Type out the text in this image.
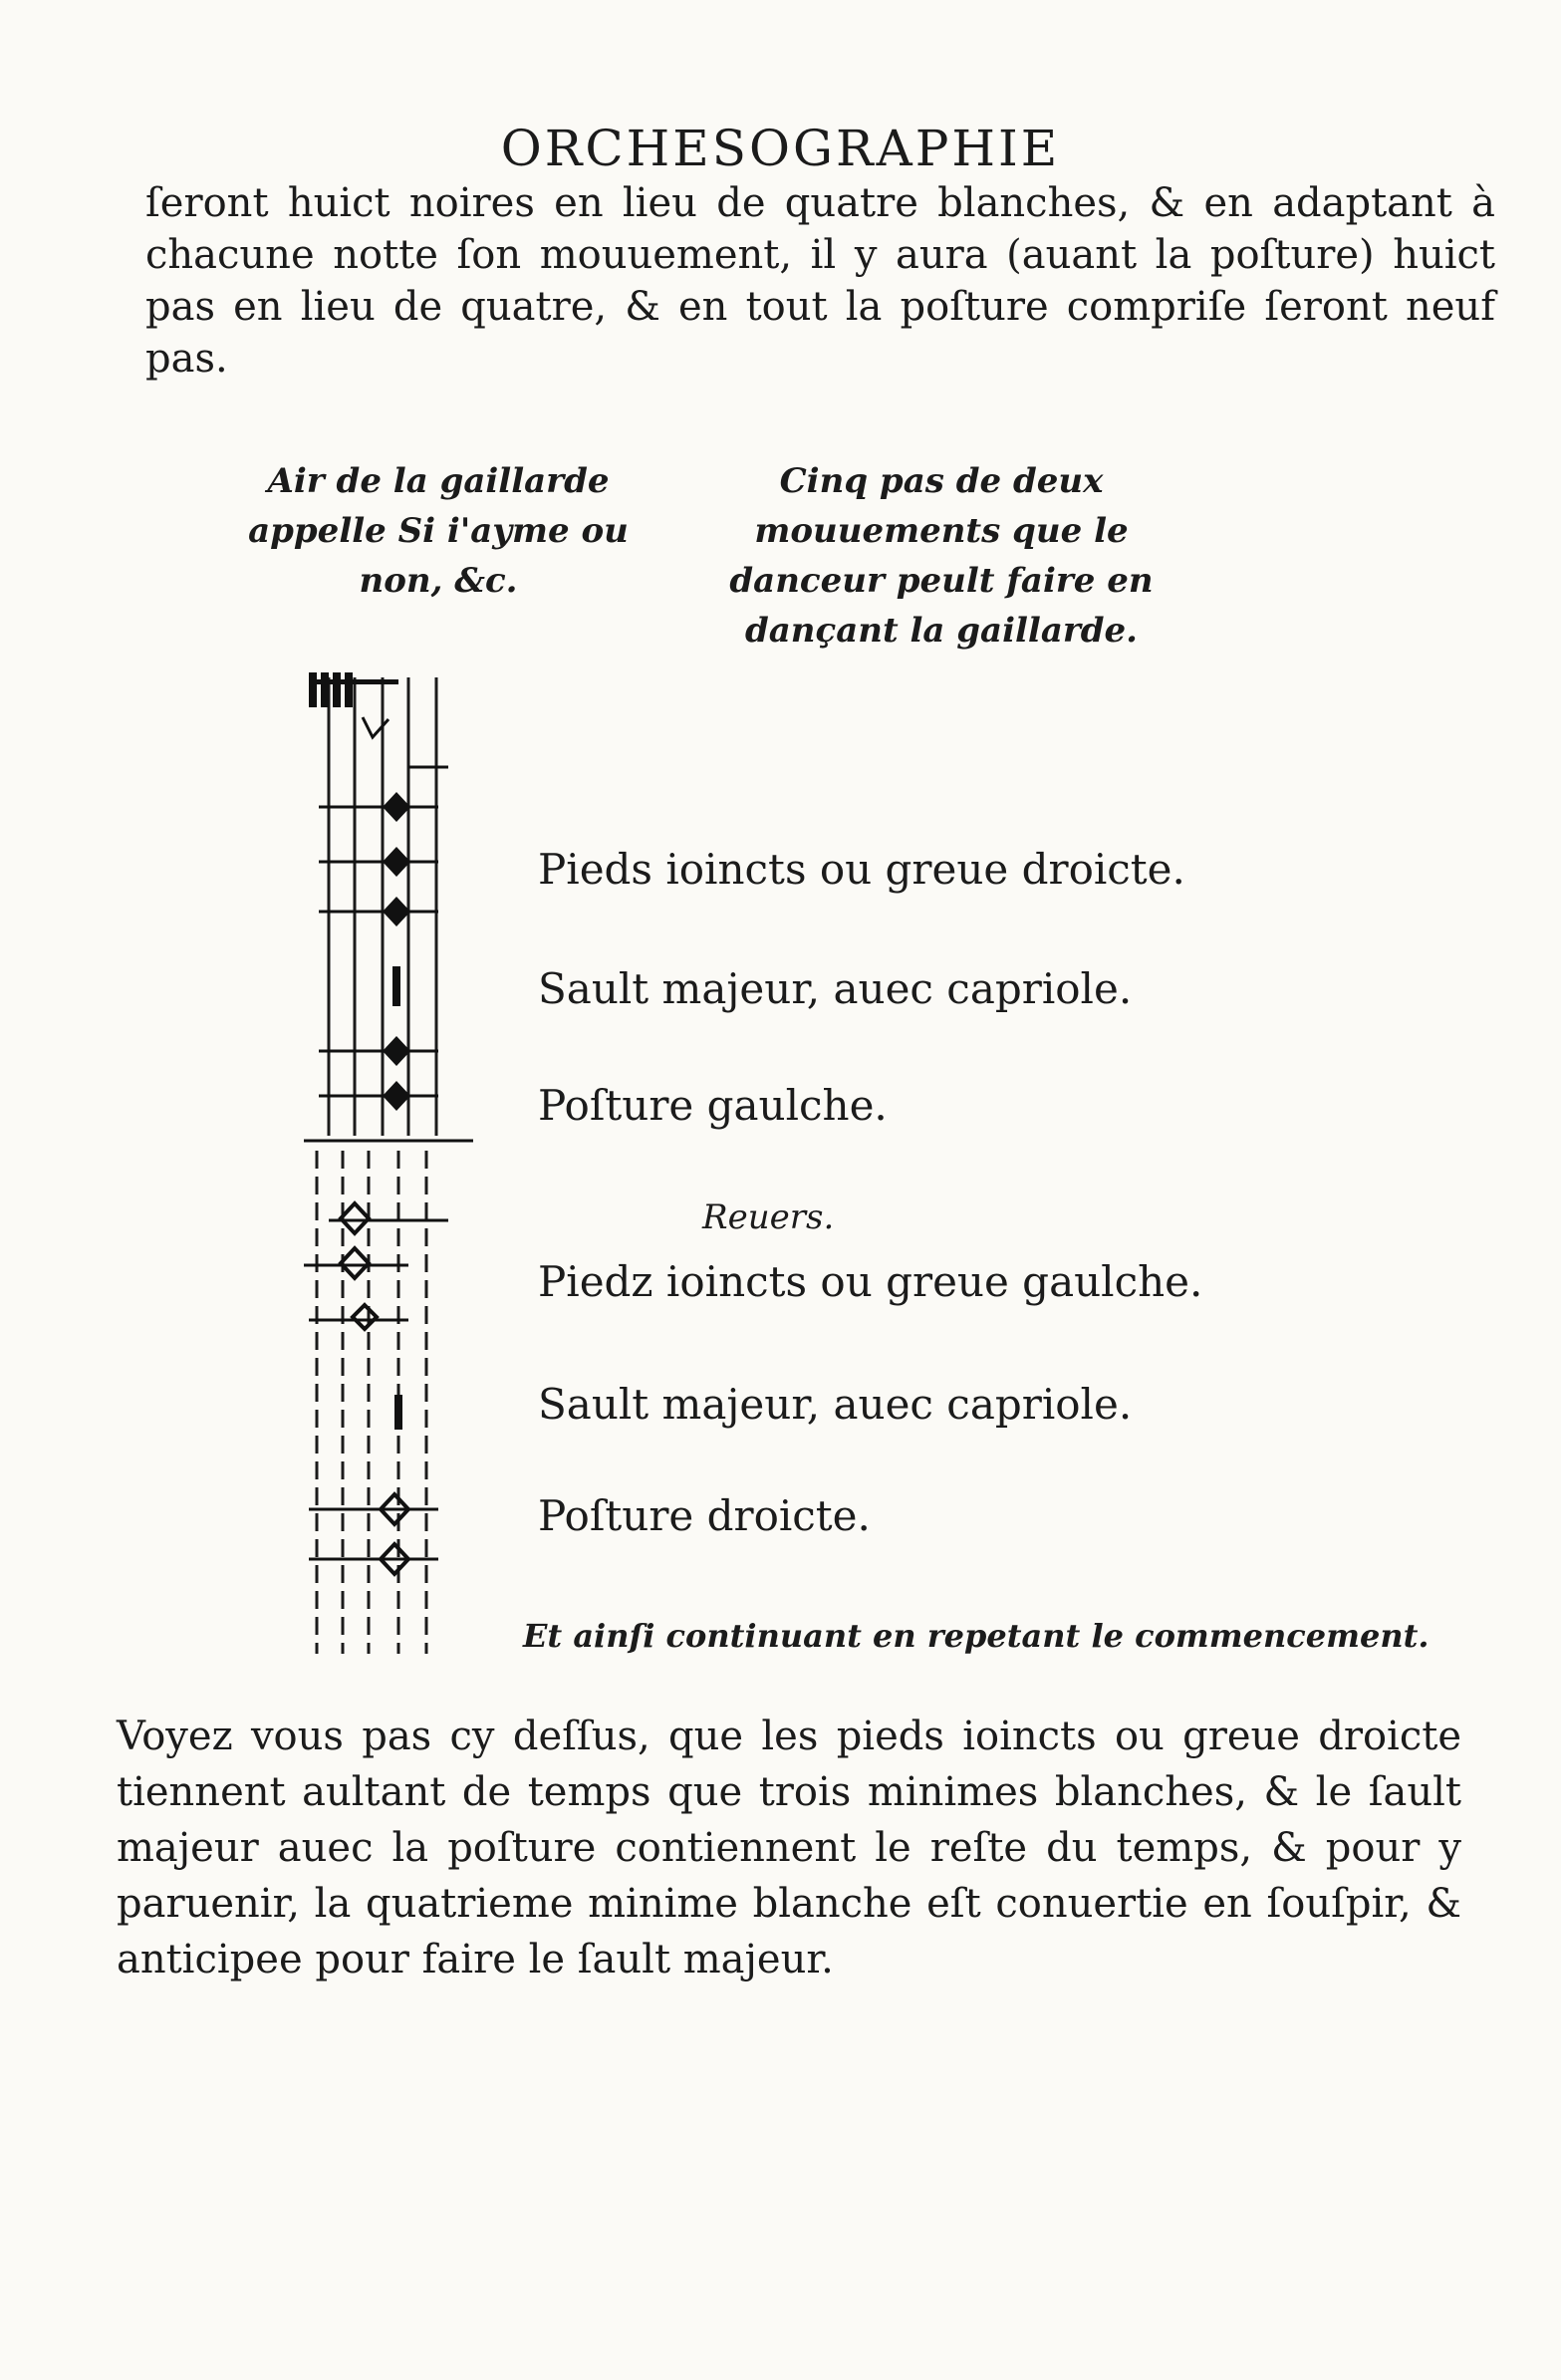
ORCHESOGRAPHIE

ſeront huict noires en lieu de quatre blanches, & en adaptant à chacune notte ſon mouuement, il y aura (auant la poſture) huict pas en lieu de quatre, & en tout la poſture compriſe ſeront neuf pas.

Air de la gaillarde appelle Si i'ayme ou non, &c.

Cinq pas de deux mouuements que le danceur peult faire en dançant la gaillarde.

Pieds ioincts ou greue droicte.

Sault majeur, auec capriole.

Poſture gaulche.

Reuers.

Piedz ioincts ou greue gaulche.

Sault majeur, auec capriole.

Poſture droicte.

Et ainſi continuant en repetant le commencement.

Voyez vous pas cy deſſus, que les pieds ioincts ou greue droicte tiennent aultant de temps que trois minimes blanches, & le ſault majeur auec la poſture contiennent le reſte du temps, & pour y paruenir, la quatrieme minime blanche eſt conuertie en ſouſpir, & anticipee pour faire le ſault majeur.
